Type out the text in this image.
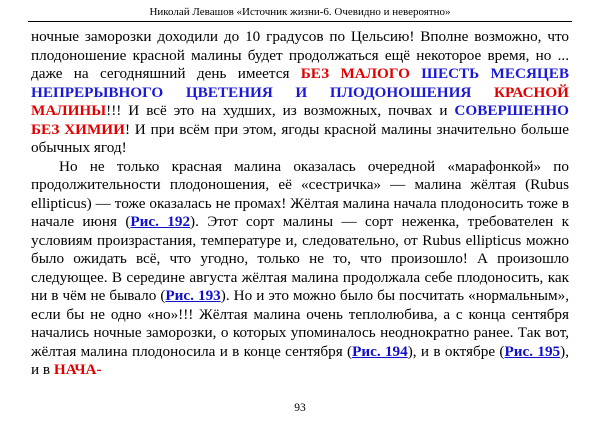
Николай Левашов «Источник жизни-6. Очевидно и невероятно»

ночные заморозки доходили до 10 градусов по Цельсию! Вполне возможно, что плодоношение красной малины будет продолжаться ещё некоторое время, но ... даже на сегодняшний день имеется БЕЗ МАЛОГО ШЕСТЬ МЕСЯЦЕВ НЕПРЕРЫВНОГО ЦВЕТЕНИЯ И ПЛОДОНОШЕНИЯ КРАСНОЙ МАЛИНЫ!!! И всё это на худших, из возможных, почвах и СОВЕРШЕННО БЕЗ ХИМИИ! И при всём при этом, ягоды красной малины значительно больше обычных ягод!

Но не только красная малина оказалась очередной «марафонкой» по продолжительности плодоношения, её «сестричка» — малина жёлтая (Rubus ellipticus) — тоже оказалась не промах! Жёлтая малина начала плодоносить тоже в начале июня (Рис. 192). Этот сорт малины — сорт неженка, требователен к условиям произрастания, температуре и, следовательно, от Rubus ellipticus можно было ожидать всё, что угодно, только не то, что произошло! А произошло следующее. В середине августа жёлтая малина продолжала себе плодоносить, как ни в чём не бывало (Рис. 193). Но и это можно было бы посчитать «нормальным», если бы не одно «но»!!! Жёлтая малина очень теплолюбива, а с конца сентября начались ночные заморозки, о которых упоминалось неоднократно ранее. Так вот, жёлтая малина плодоносила и в конце сентября (Рис. 194), и в октябре (Рис. 195), и в НАЧА-

93
